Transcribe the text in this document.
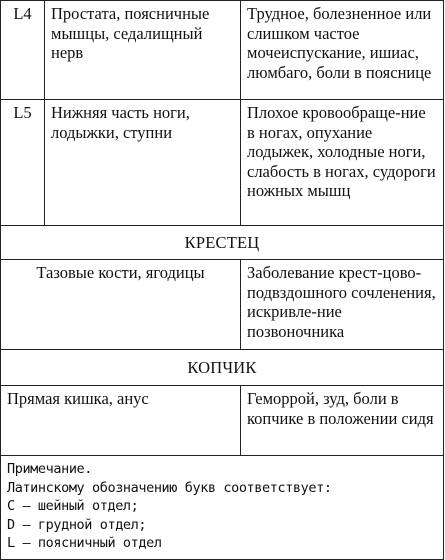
L4	Простата, поясничные мышцы, седалищный нерв	Трудное, болезненное или слишком частое мочеиспускание, ишиас, люмбаго, боли в пояснице
L5	Нижняя часть ноги, лодыжки, ступни	Плохое кровообраще-ние в ногах, опухание лодыжек, холодные ноги, слабость в ногах, судороги ножных мышц
КРЕСТЕЦ		
Тазовые кости, ягодицы		Заболевание крест-цово-подвздошного сочленения, искривле-ние позвоночника
КОПЧИК		
Прямая кишка, анус		Геморрой, зуд, боли в копчике в положении сидя

Примечание.
Латинскому обозначению букв соответствует:
С — шейный отдел;
D — грудной отдел;
L — поясничный отдел		
